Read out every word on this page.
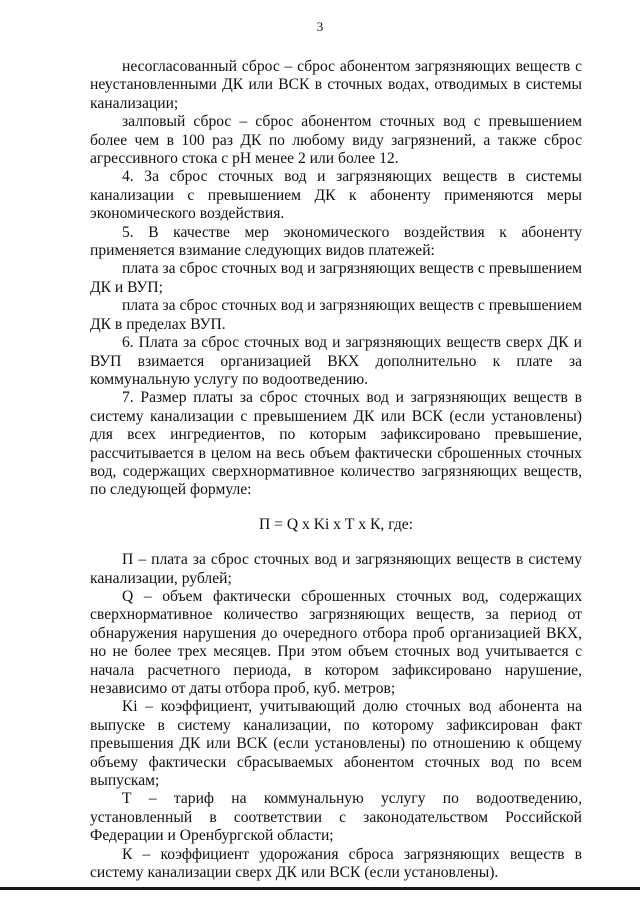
3

несогласованный сброс – сброс абонентом загрязняющих веществ с неустановленными ДК или ВСК в сточных водах, отводимых в системы канализации;

залповый сброс – сброс абонентом сточных вод с превышением более чем в 100 раз ДК по любому виду загрязнений, а также сброс агрессивного стока с pH менее 2 или более 12.

4. За сброс сточных вод и загрязняющих веществ в системы канализации с превышением ДК к абоненту применяются меры экономического воздействия.

5. В качестве мер экономического воздействия к абоненту применяется взимание следующих видов платежей:

плата за сброс сточных вод и загрязняющих веществ с превышением ДК и ВУП;

плата за сброс сточных вод и загрязняющих веществ с превышением ДК в пределах ВУП.

6. Плата за сброс сточных вод и загрязняющих веществ сверх ДК и ВУП взимается организацией ВКХ дополнительно к плате за коммунальную услугу по водоотведению.

7. Размер платы за сброс сточных вод и загрязняющих веществ в систему канализации с превышением ДК или ВСК (если установлены) для всех ингредиентов, по которым зафиксировано превышение, рассчитывается в целом на весь объем фактически сброшенных сточных вод, содержащих сверхнормативное количество загрязняющих веществ, по следующей формуле:

П = Q х Ki х Т х К, где:

П – плата за сброс сточных вод и загрязняющих веществ в систему канализации, рублей;

Q – объем фактически сброшенных сточных вод, содержащих сверхнормативное количество загрязняющих веществ, за период от обнаружения нарушения до очередного отбора проб организацией ВКХ, но не более трех месяцев. При этом объем сточных вод учитывается с начала расчетного периода, в котором зафиксировано нарушение, независимо от даты отбора проб, куб. метров;

Ki – коэффициент, учитывающий долю сточных вод абонента на выпуске в систему канализации, по которому зафиксирован факт превышения ДК или ВСК (если установлены) по отношению к общему объему фактически сбрасываемых абонентом сточных вод по всем выпускам;

Т – тариф на коммунальную услугу по водоотведению, установленный в соответствии с законодательством Российской Федерации и Оренбургской области;

К – коэффициент удорожания сброса загрязняющих веществ в систему канализации сверх ДК или ВСК (если установлены).
